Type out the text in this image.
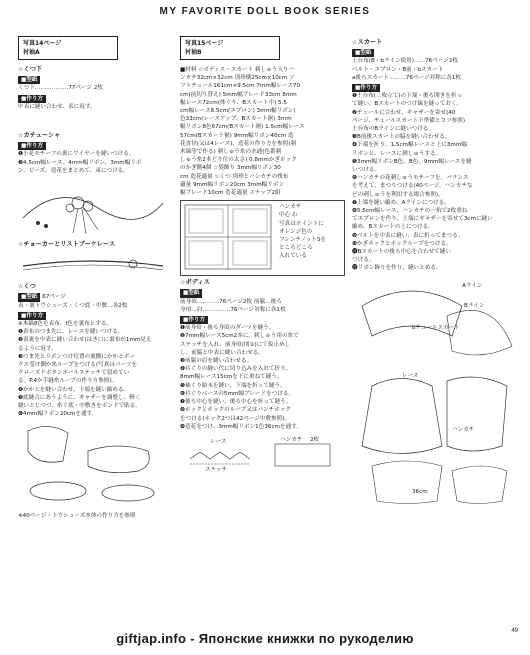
MY FAVORITE DOLL BOOK SERIES
写真14ページ
衬袖A
☆くつ下
■型紙
くつ下………………77ページ 2枚
■作り方
中表に縫い合わせ、表に返す。
☆カチューシャ
■作り方
❶小花モチーフの裏にワイヤーを縫いつける。
❷4.5cm幅レース、4mm幅リボン、3mm幅リボ
ン、ビーズ、造花をまとめて、束につける。
☆チョーカーとリストブーケレース
☆くつ
■型紙 67ページ
表・裏トウシューズ・くつ底・中敷…各2枚
■作り方
※木綿8色を表布、f色を裏布とする。
❶表布のつま先に、レースを縫いつける。
❷表裏を中表に縫い合わせ(はき口に裏布が1mm見え
るように返す。
❸つま先とリボンつけ位置の裏側にかかとボッ
クス受け側か糸ループをつける(写真はパーツを
クローズドボタンホールステッチで留めてい
る。P.4か手縫糸ループの作り方参照)。
❹かかとを縫い合わせ、下端を縫い縮める。
❺底縫合にあうように、ギャザーを調整し、軽く
縫いとじつつ、糸ぐ底・中敷きをボンドで貼る。
❻4mm幅リボン20cmを通す。
※40ページ・トウシューズ本体の作り方を参照
写真15ページ
衬袖B
■材料 ☆ボディス・スカート 刺しゅう入りハ
ンカチ32cm×32cm 別珍横25cm×10cm ソ
フトチュール161cm×9.5cm 7mm幅レース70
cm(前切り替え) 5mm幅ブレード33cm 8mm
幅レース72cm(体ぐり、Bスカート中) 5.5
cm幅レース8.5cm(エプロン) 3mm幅リボン(
色33cm(レースアップ、Bスカート裾) 3mm
幅リボン8色67cm(Bスカート裾) 1.5cm幅レース
57cm(Bスカート裾) 9mm幅リボン40cm 造
花直径(又は4レース)、造花の作り方を参照(刺
木綿等で作る) 刺しゅう糸の水通(色番刺
しゅう糸2本どり位の太さ) 0.8mmかぎホック
のかぎ側4個 ☆髪飾り 3mm幅リボン30
cm 造花適量 ☆くつ 別珍とハンカチの残布
適量 9mm幅リボン20cm 3mm幅リボン
幅ブレード10cm 造花適量 スナップ2組
ハンカチ
中心 わ
写真はポイントに
オレンジ色の
フレンチノットSを
ところどころ
入れている
☆ボディス
■型紙
前身頃…………76ページ2枚 前脇…後ろ
身頃…肩……………76ページ対称に各1枚
■作り方
❶前身頃・後ろ身頃のダーツを縫う。
❷7mm幅レース5cm2本に、刺しゅう用の糸で
ステッチを入れ、前身頃(図①)にて仮止めし
し、前脇と中表に縫い合わせる。
❸前脇の肩を縫い合わせる。
❹衿ぐりの縫い代に切り込みを入れて折り、
8mm幅レース15cmを下に重ねて縫う。
❺袖ぐり始末を縫い、下端を折って縫う。
❻衿ぐりべースの5mm幅ブレードをつける。
❼後ろ中心を縫い、後ろ中心を折って縫う。
❽ホックとホックのループ又はパンチホック
をつける(ホック2つは42ページ中敷参照)。
❾造花をつけ、3mm幅リボン1色36cmを通す。
レース	ハンカチ 2枚
ステッチ
☆スカート
■型紙
土台布(B・bライン使用)……76ページ2枚
ベルト・エプロン・B前・bスカート
a後ろスカート………76ページ対称に各1枚
■作り方
❶土台布(二枚立て)の下端・後ろ開きを折っ
て縫い、Bスカートのつけ線を縫っておく。
❷チュールに合わせ、ギャザーを寄せ(40
ページ、チュールスカート下準備とコツ参照)
土台布のBラインに縫いつける。
❸B前後スカートの脇を縫い合わせる。
❹下端を折り、1.5cm幅レースと上に3mm幅
リボンと、レースに刺しゅうする。
❺3mm幅リボンB色、B色、9mm幅レースを縫
いつける。
❻ハンカチの花刺しゅうモチーフを、バランス
を考えて、まつりつける(40ページ、ハンカチな
どの刺しゅうを利用する場合参照)。
❼上端を縫い縮め、Aラインにつける。
❽5.5cm幅レース、ハンカチの一角で2枚重ね
てエプロンを作り、上端にギャザーを寄せて3cmに縫い
縮め、Bスカートの上につける。
❾ベルトを中表に縫い、表に折ってまつる。
❿かぎホックとホックループをつける。
⓫Bスカートの後ろ中心を合わせて縫い
つける。
⓬リボン飾りを作り、縫いとめる。
Aライン
Bライン
bチュールスカート
レース
ハンカチ
36cm
49
giftjap.info - Японские книжки по рукоделию
